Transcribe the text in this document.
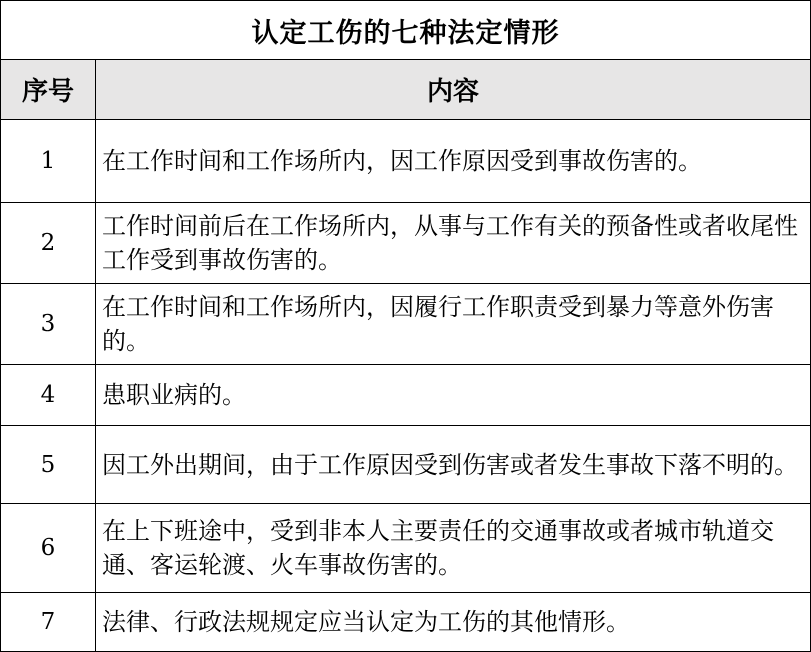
认定工伤的七种法定情形	
序号	内容
1	在工作时间和工作场所内，因工作原因受到事故伤害的。
2	工作时间前后在工作场所内，从事与工作有关的预备性或者收尾性工作受到事故伤害的。
3	在工作时间和工作场所内，因履行工作职责受到暴力等意外伤害的。
4	患职业病的。
5	因工外出期间，由于工作原因受到伤害或者发生事故下落不明的。
6	在上下班途中，受到非本人主要责任的交通事故或者城市轨道交通、客运轮渡、火车事故伤害的。
7	法律、行政法规规定应当认定为工伤的其他情形。
